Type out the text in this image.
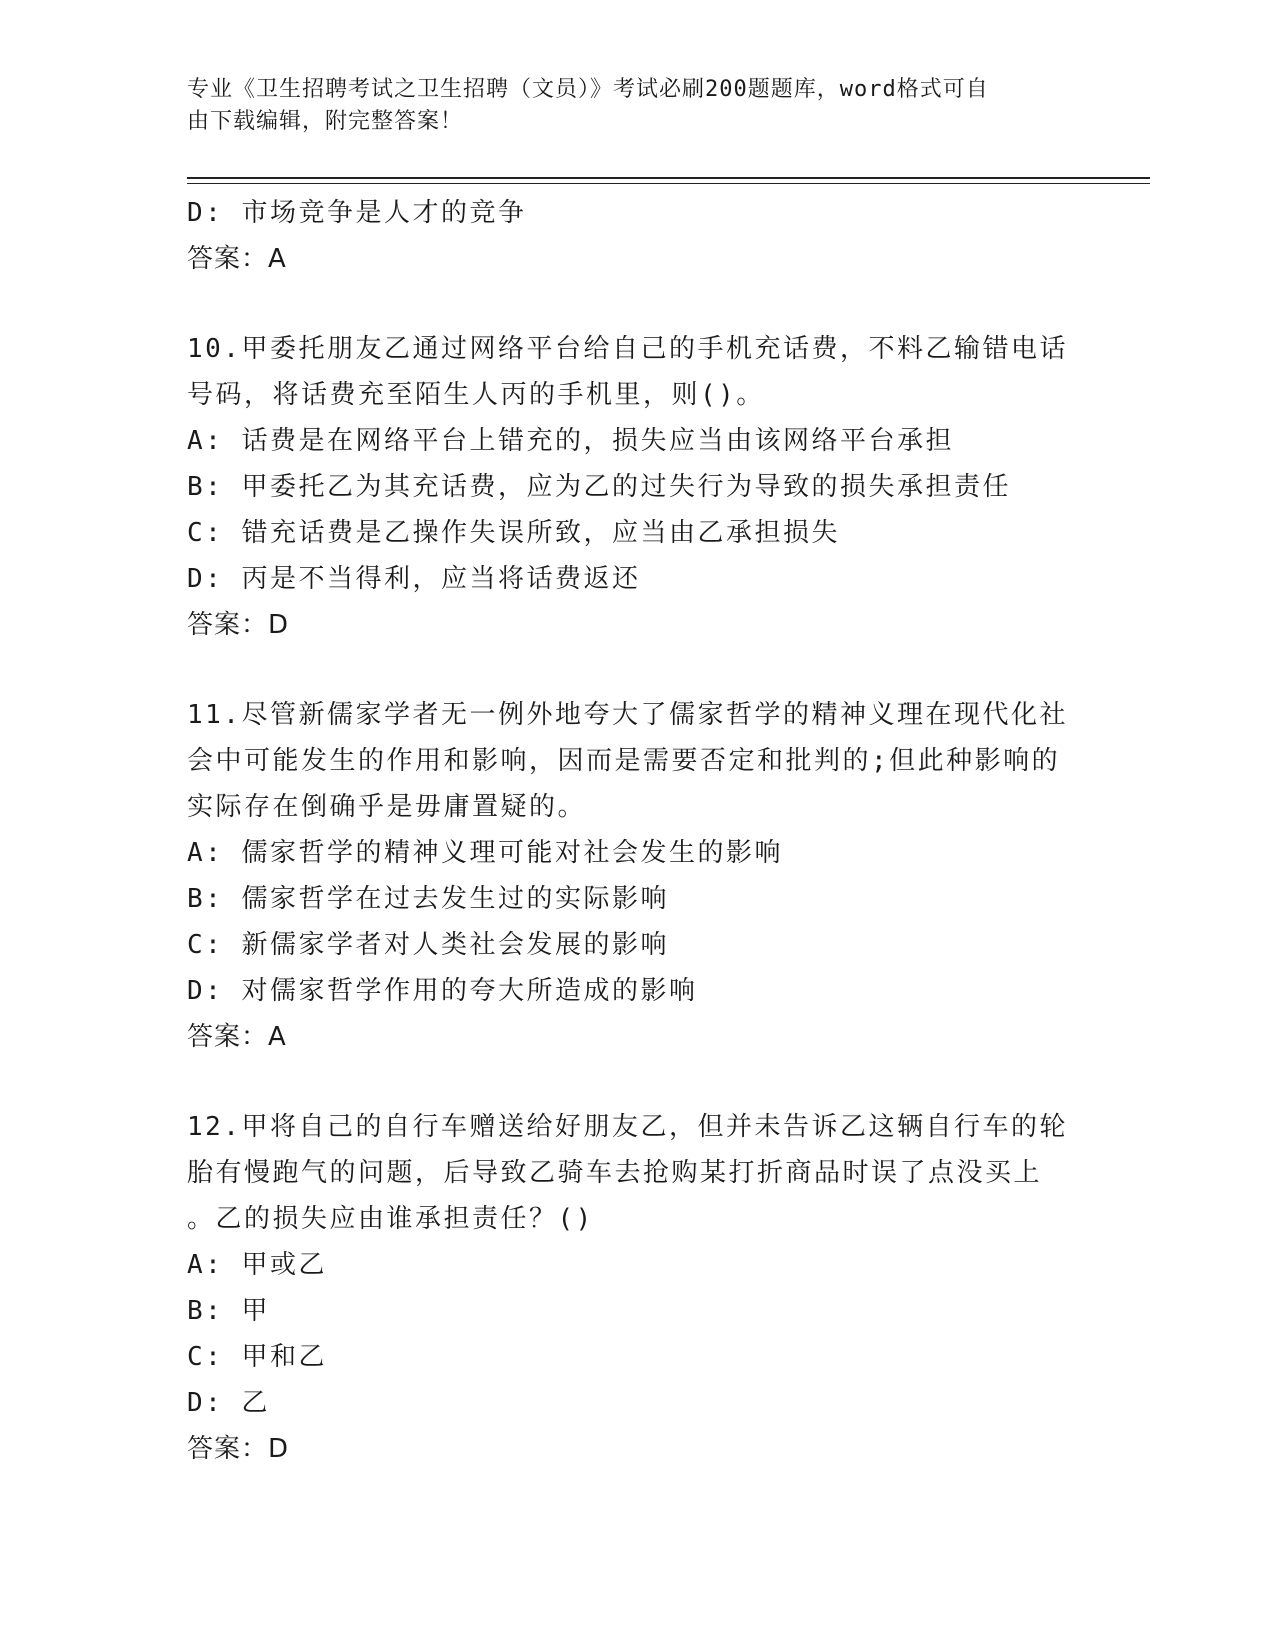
专业《卫生招聘考试之卫生招聘（文员）》考试必刷200题题库，word格式可自
由下载编辑，附完整答案！
D: 市场竞争是人才的竞争
答案：A
10.甲委托朋友乙通过网络平台给自己的手机充话费，不料乙输错电话
号码，将话费充至陌生人丙的手机里，则()。
A: 话费是在网络平台上错充的，损失应当由该网络平台承担
B: 甲委托乙为其充话费，应为乙的过失行为导致的损失承担责任
C: 错充话费是乙操作失误所致，应当由乙承担损失
D: 丙是不当得利，应当将话费返还
答案：D
11.尽管新儒家学者无一例外地夸大了儒家哲学的精神义理在现代化社
会中可能发生的作用和影响，因而是需要否定和批判的;但此种影响的
实际存在倒确乎是毋庸置疑的。
A: 儒家哲学的精神义理可能对社会发生的影响
B: 儒家哲学在过去发生过的实际影响
C: 新儒家学者对人类社会发展的影响
D: 对儒家哲学作用的夸大所造成的影响
答案：A
12.甲将自己的自行车赠送给好朋友乙，但并未告诉乙这辆自行车的轮
胎有慢跑气的问题，后导致乙骑车去抢购某打折商品时误了点没买上
。乙的损失应由谁承担责任？()
A: 甲或乙
B: 甲
C: 甲和乙
D: 乙
答案：D
